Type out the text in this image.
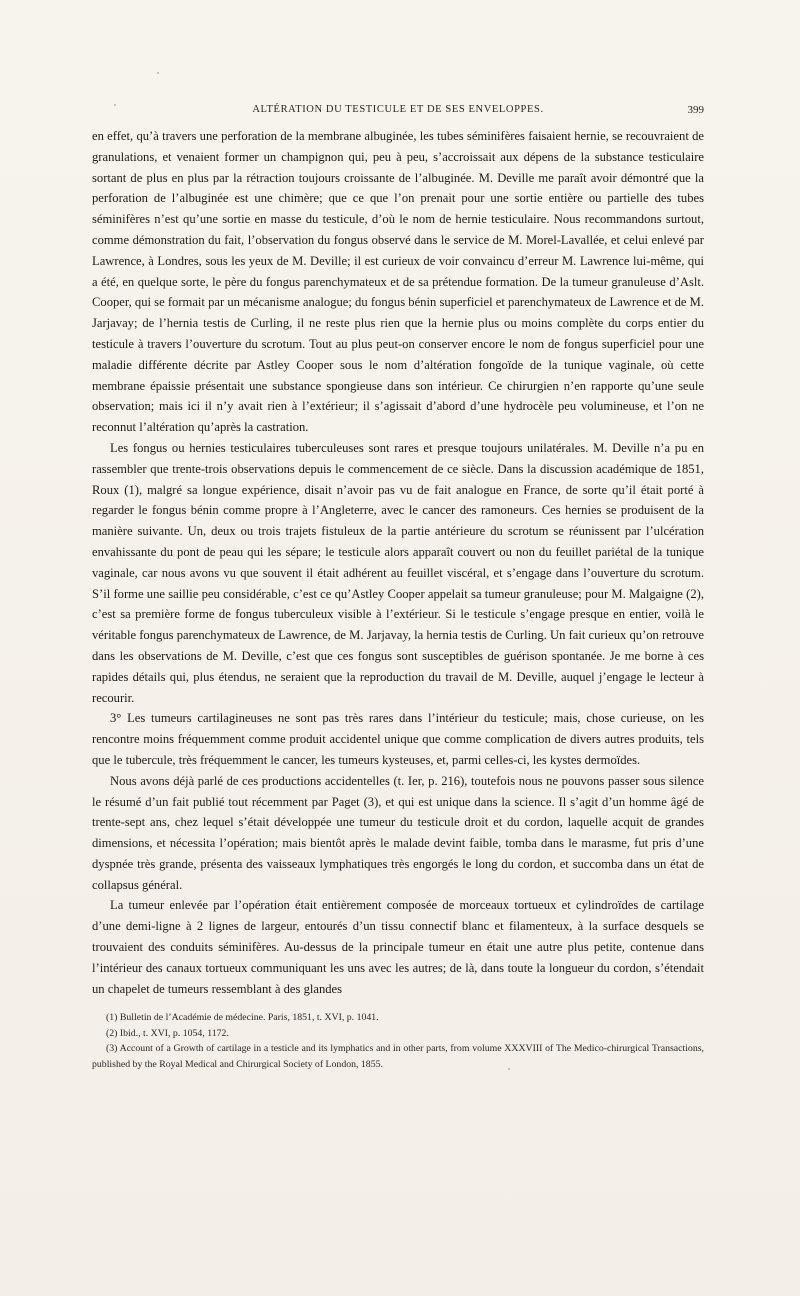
ALTÉRATION DU TESTICULE ET DE SES ENVELOPPES.	399

en effet, qu’à travers une perforation de la membrane albuginée, les tubes séminifères faisaient hernie, se recouvraient de granulations, et venaient former un champignon qui, peu à peu, s’accroissait aux dépens de la substance testiculaire sortant de plus en plus par la rétraction toujours croissante de l’albuginée. M. Deville me paraît avoir démontré que la perforation de l’albuginée est une chimère; que ce que l’on prenait pour une sortie entière ou partielle des tubes séminifères n’est qu’une sortie en masse du testicule, d’où le nom de hernie testiculaire. Nous recommandons surtout, comme démonstration du fait, l’observation du fongus observé dans le service de M. Morel-Lavallée, et celui enlevé par Lawrence, à Londres, sous les yeux de M. Deville; il est curieux de voir convaincu d’erreur M. Lawrence lui-même, qui a été, en quelque sorte, le père du fongus parenchymateux et de sa prétendue formation. De la tumeur granuleuse d’Aslt. Cooper, qui se formait par un mécanisme analogue; du fongus bénin superficiel et parenchymateux de Lawrence et de M. Jarjavay; de l’hernia testis de Curling, il ne reste plus rien que la hernie plus ou moins complète du corps entier du testicule à travers l’ouverture du scrotum. Tout au plus peut-on conserver encore le nom de fongus superficiel pour une maladie différente décrite par Astley Cooper sous le nom d’altération fongoïde de la tunique vaginale, où cette membrane épaissie présentait une substance spongieuse dans son intérieur. Ce chirurgien n’en rapporte qu’une seule observation; mais ici il n’y avait rien à l’extérieur; il s’agissait d’abord d’une hydrocèle peu volumineuse, et l’on ne reconnut l’altération qu’après la castration.

Les fongus ou hernies testiculaires tuberculeuses sont rares et presque toujours unilatérales. M. Deville n’a pu en rassembler que trente-trois observations depuis le commencement de ce siècle. Dans la discussion académique de 1851, Roux (1), malgré sa longue expérience, disait n’avoir pas vu de fait analogue en France, de sorte qu’il était porté à regarder le fongus bénin comme propre à l’Angleterre, avec le cancer des ramoneurs. Ces hernies se produisent de la manière suivante. Un, deux ou trois trajets fistuleux de la partie antérieure du scrotum se réunissent par l’ulcération envahissante du pont de peau qui les sépare; le testicule alors apparaît couvert ou non du feuillet pariétal de la tunique vaginale, car nous avons vu que souvent il était adhérent au feuillet viscéral, et s’engage dans l’ouverture du scrotum. S’il forme une saillie peu considérable, c’est ce qu’Astley Cooper appelait sa tumeur granuleuse; pour M. Malgaigne (2), c’est sa première forme de fongus tuberculeux visible à l’extérieur. Si le testicule s’engage presque en entier, voilà le véritable fongus parenchymateux de Lawrence, de M. Jarjavay, la hernia testis de Curling. Un fait curieux qu’on retrouve dans les observations de M. Deville, c’est que ces fongus sont susceptibles de guérison spontanée. Je me borne à ces rapides détails qui, plus étendus, ne seraient que la reproduction du travail de M. Deville, auquel j’engage le lecteur à recourir.

3° Les tumeurs cartilagineuses ne sont pas très rares dans l’intérieur du testicule; mais, chose curieuse, on les rencontre moins fréquemment comme produit accidentel unique que comme complication de divers autres produits, tels que le tubercule, très fréquemment le cancer, les tumeurs kysteuses, et, parmi celles-ci, les kystes dermoïdes.

Nous avons déjà parlé de ces productions accidentelles (t. Ier, p. 216), toutefois nous ne pouvons passer sous silence le résumé d’un fait publié tout récemment par Paget (3), et qui est unique dans la science. Il s’agit d’un homme âgé de trente-sept ans, chez lequel s’était développée une tumeur du testicule droit et du cordon, laquelle acquit de grandes dimensions, et nécessita l’opération; mais bientôt après le malade devint faible, tomba dans le marasme, fut pris d’une dyspnée très grande, présenta des vaisseaux lymphatiques très engorgés le long du cordon, et succomba dans un état de collapsus général.

La tumeur enlevée par l’opération était entièrement composée de morceaux tortueux et cylindroïdes de cartilage d’une demi-ligne à 2 lignes de largeur, entourés d’un tissu connectif blanc et filamenteux, à la surface desquels se trouvaient des conduits séminifères. Au-dessus de la principale tumeur en était une autre plus petite, contenue dans l’intérieur des canaux tortueux communiquant les uns avec les autres; de là, dans toute la longueur du cordon, s’étendait un chapelet de tumeurs ressemblant à des glandes

(1) Bulletin de l’Académie de médecine. Paris, 1851, t. XVI, p. 1041.

(2) Ibid., t. XVI, p. 1054, 1172.

(3) Account of a Growth of cartilage in a testicle and its lymphatics and in other parts, from volume XXXVIII of The Medico-chirurgical Transactions, published by the Royal Medical and Chirurgical Society of London, 1855.
